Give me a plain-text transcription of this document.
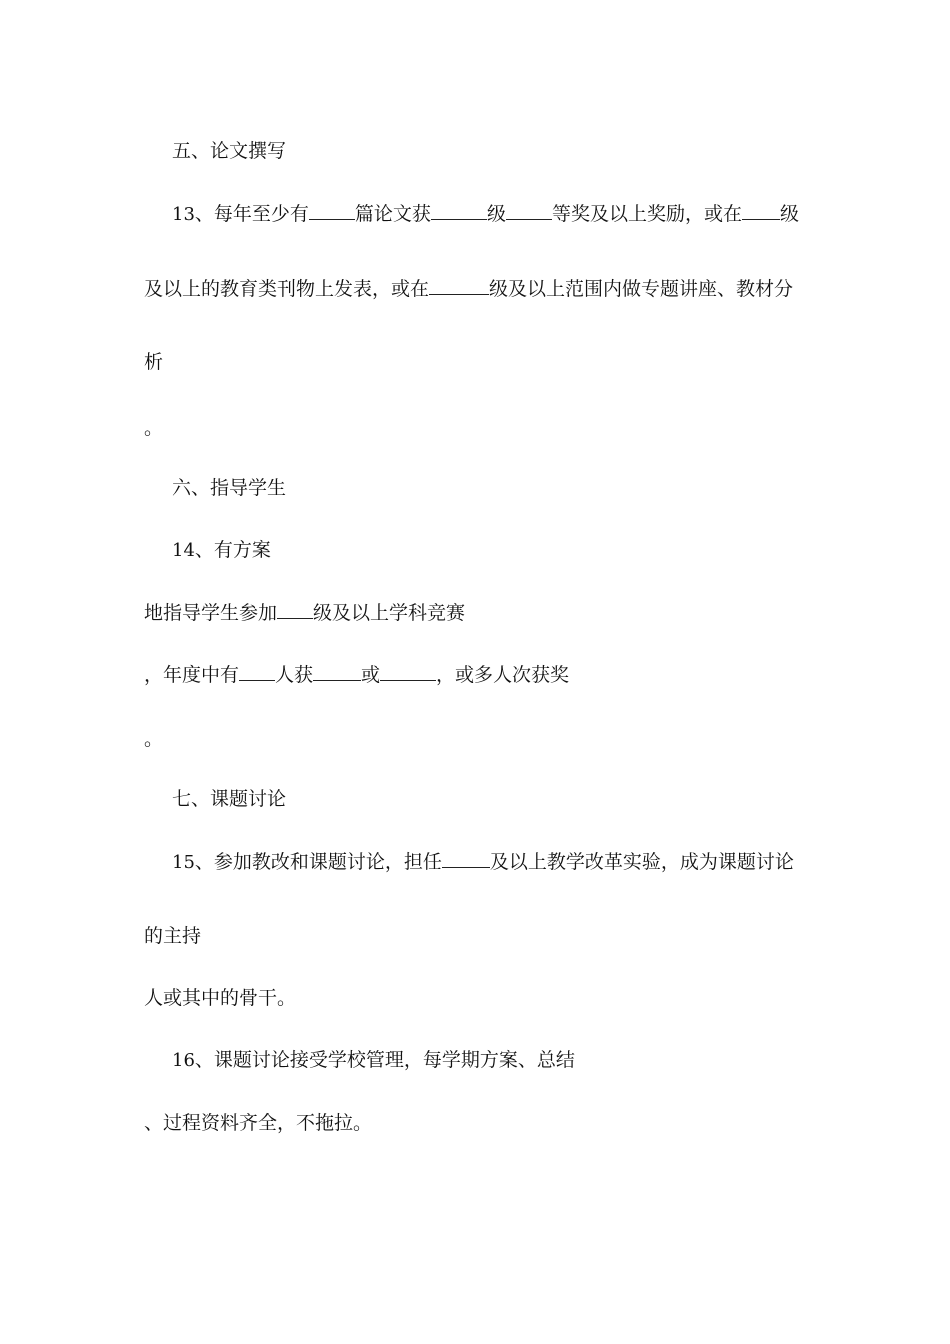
五、论文撰写
13、每年至少有 篇论文获	级 等奖及以上奖励，或在 级
及以上的教育类刊物上发表，或在	级及以上范围内做专题讲座、教材分
析
。
六、指导学生
14、有方案
地指导学生参加 级及以上学科竞赛
，年度中有 人获	或	，或多人次获奖
。
七、课题讨论
15、参加教改和课题讨论，担任	及以上教学改革实验，成为课题讨论
的主持
人或其中的骨干。
16、课题讨论接受学校管理，每学期方案、总结
、过程资料齐全，不拖拉。
